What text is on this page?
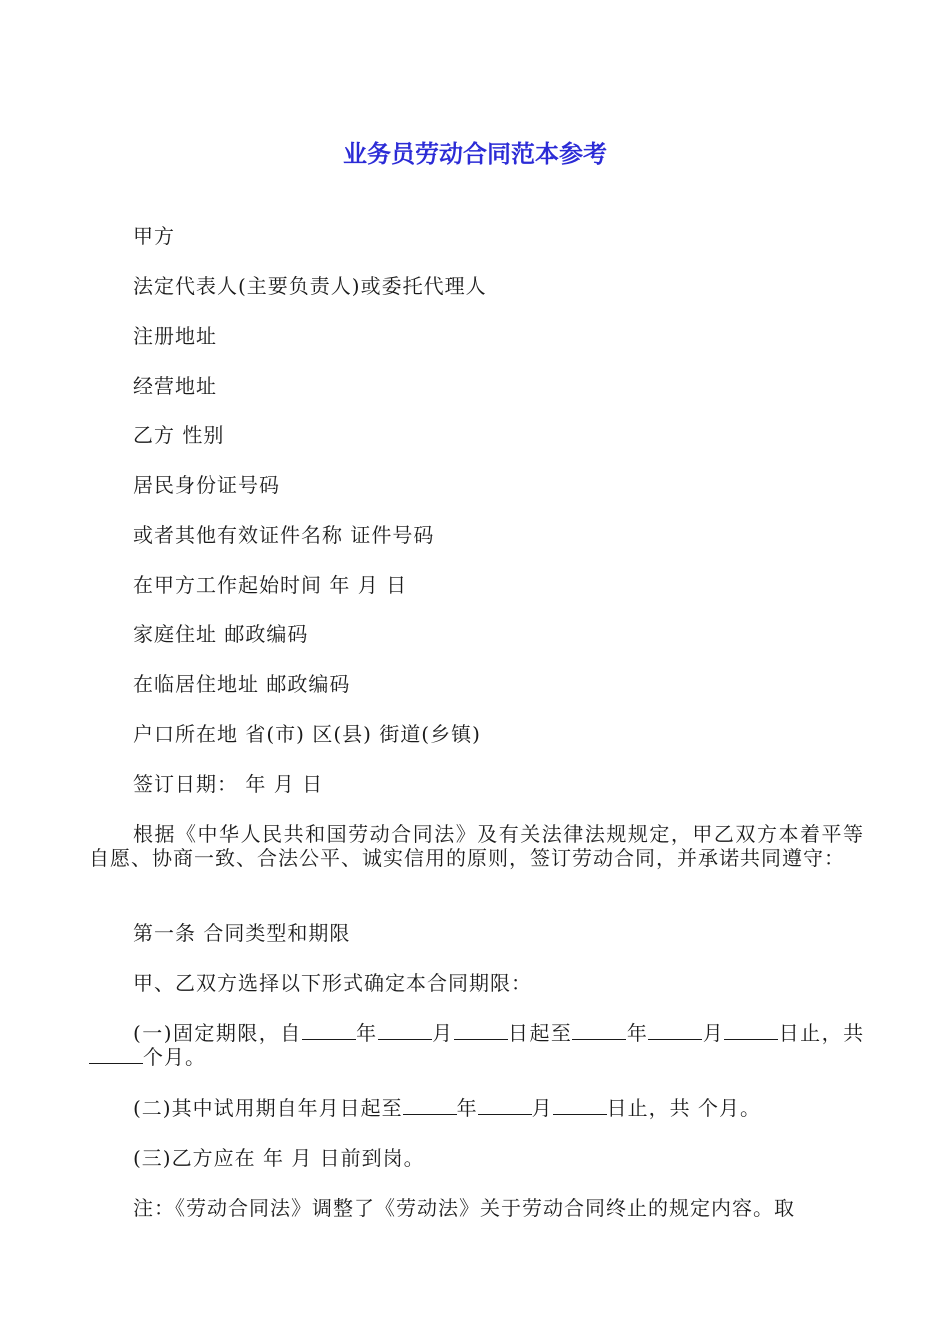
业务员劳动合同范本参考
甲方
法定代表人(主要负责人)或委托代理人
注册地址
经营地址
乙方 性别
居民身份证号码
或者其他有效证件名称 证件号码
在甲方工作起始时间 年 月 日
家庭住址 邮政编码
在临居住地址 邮政编码
户口所在地 省(市) 区(县) 街道(乡镇)
签订日期： 年 月 日
根据《中华人民共和国劳动合同法》及有关法律法规规定，甲乙双方本着平等自愿、协商一致、合法公平、诚实信用的原则，签订劳动合同，并承诺共同遵守：
第一条 合同类型和期限
甲、乙双方选择以下形式确定本合同期限：
(一)固定期限，自	年	月	日起至	年	月	日止，共个月。
(二)其中试用期自年月日起至	年	月	日止，共 个月。
(三)乙方应在 年 月 日前到岗。
注：《劳动合同法》调整了《劳动法》关于劳动合同终止的规定内容。取
